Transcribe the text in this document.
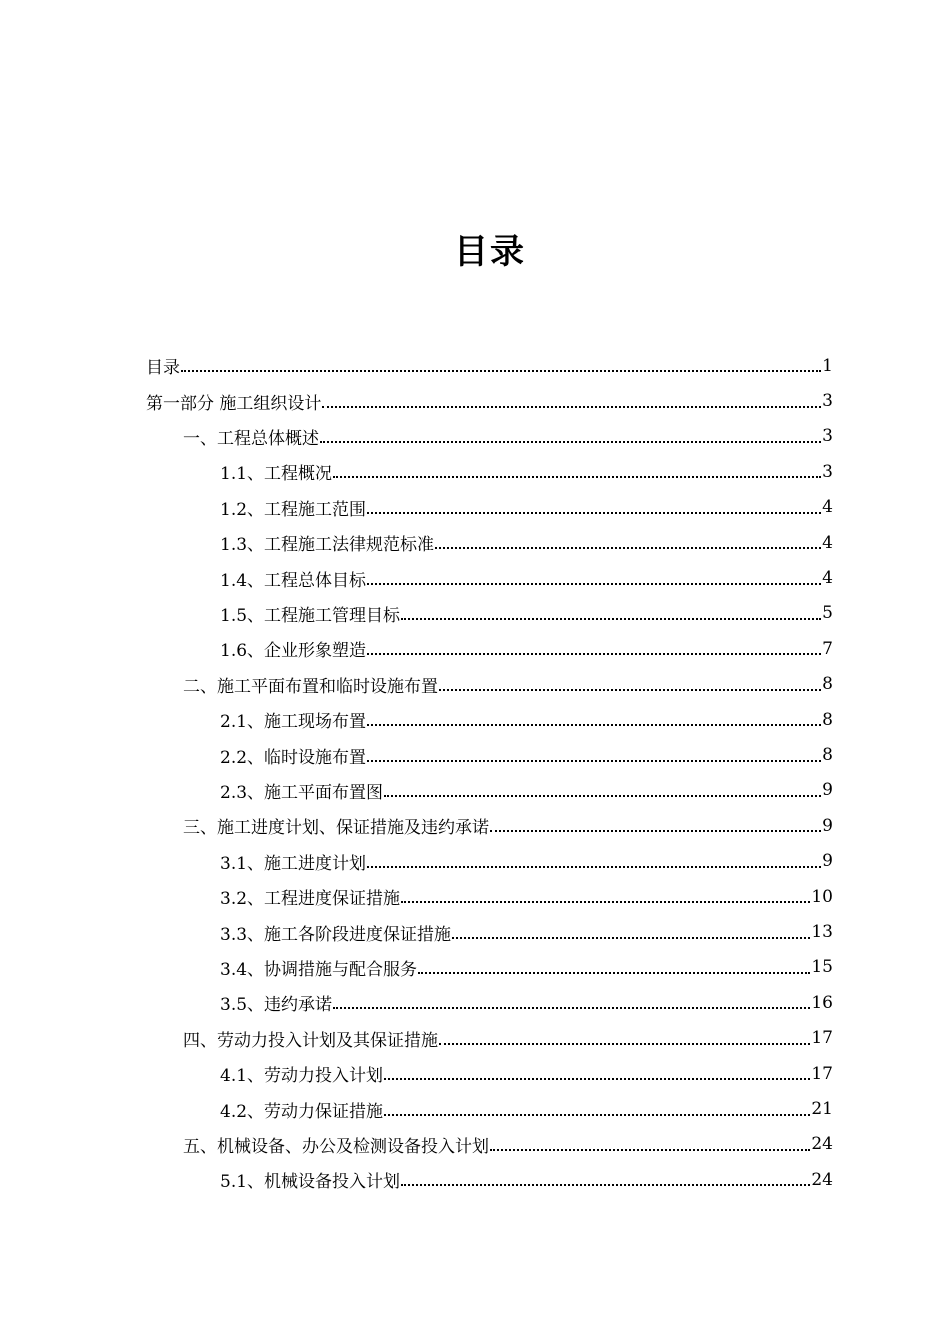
目录
目录	1
第一部分 施工组织设计	3
一、工程总体概述	3
1.1、工程概况	3
1.2、工程施工范围	4
1.3、工程施工法律规范标准	4
1.4、工程总体目标	4
1.5、工程施工管理目标	5
1.6、企业形象塑造	7
二、施工平面布置和临时设施布置	8
2.1、施工现场布置	8
2.2、临时设施布置	8
2.3、施工平面布置图	9
三、施工进度计划、保证措施及违约承诺	9
3.1、施工进度计划	9
3.2、工程进度保证措施	10
3.3、施工各阶段进度保证措施	13
3.4、协调措施与配合服务	15
3.5、违约承诺	16
四、劳动力投入计划及其保证措施	17
4.1、劳动力投入计划	17
4.2、劳动力保证措施	21
五、机械设备、办公及检测设备投入计划	24
5.1、机械设备投入计划	24
